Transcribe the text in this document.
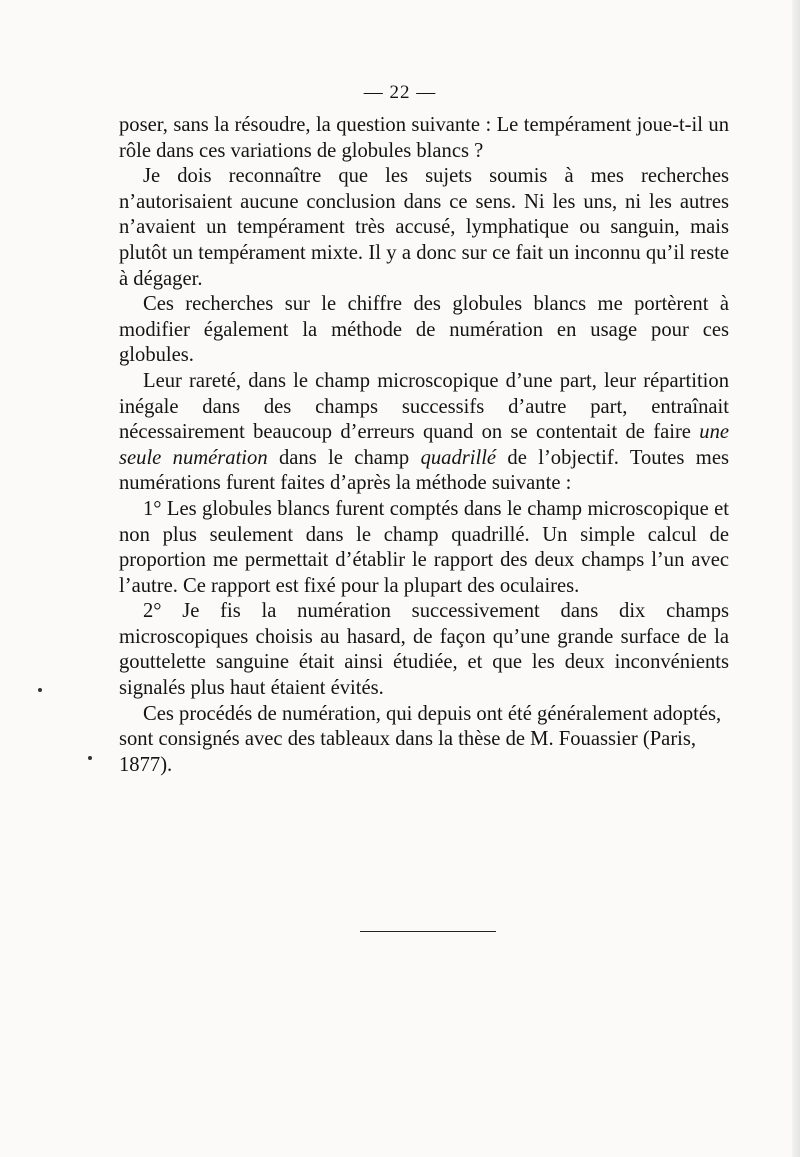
— 22 —

poser, sans la résoudre, la question suivante : Le tempérament joue-t-il un rôle dans ces variations de globules blancs ?

Je dois reconnaître que les sujets soumis à mes recherches n’autorisaient aucune conclusion dans ce sens. Ni les uns, ni les autres n’avaient un tempérament très accusé, lymphatique ou sanguin, mais plutôt un tempérament mixte. Il y a donc sur ce fait un inconnu qu’il reste à dégager.

Ces recherches sur le chiffre des globules blancs me portèrent à modifier également la méthode de numération en usage pour ces globules.

Leur rareté, dans le champ microscopique d’une part, leur répartition inégale dans des champs successifs d’autre part, entraînait nécessairement beaucoup d’erreurs quand on se contentait de faire une seule numération dans le champ quadrillé de l’objectif. Toutes mes numérations furent faites d’après la méthode suivante :

1° Les globules blancs furent comptés dans le champ microscopique et non plus seulement dans le champ quadrillé. Un simple calcul de proportion me permettait d’établir le rapport des deux champs l’un avec l’autre. Ce rapport est fixé pour la plupart des oculaires.

2° Je fis la numération successivement dans dix champs microscopiques choisis au hasard, de façon qu’une grande surface de la gouttelette sanguine était ainsi étudiée, et que les deux inconvénients signalés plus haut étaient évités.

Ces procédés de numération, qui depuis ont été généralement adoptés, sont consignés avec des tableaux dans la thèse de M. Fouassier (Paris, 1877).
